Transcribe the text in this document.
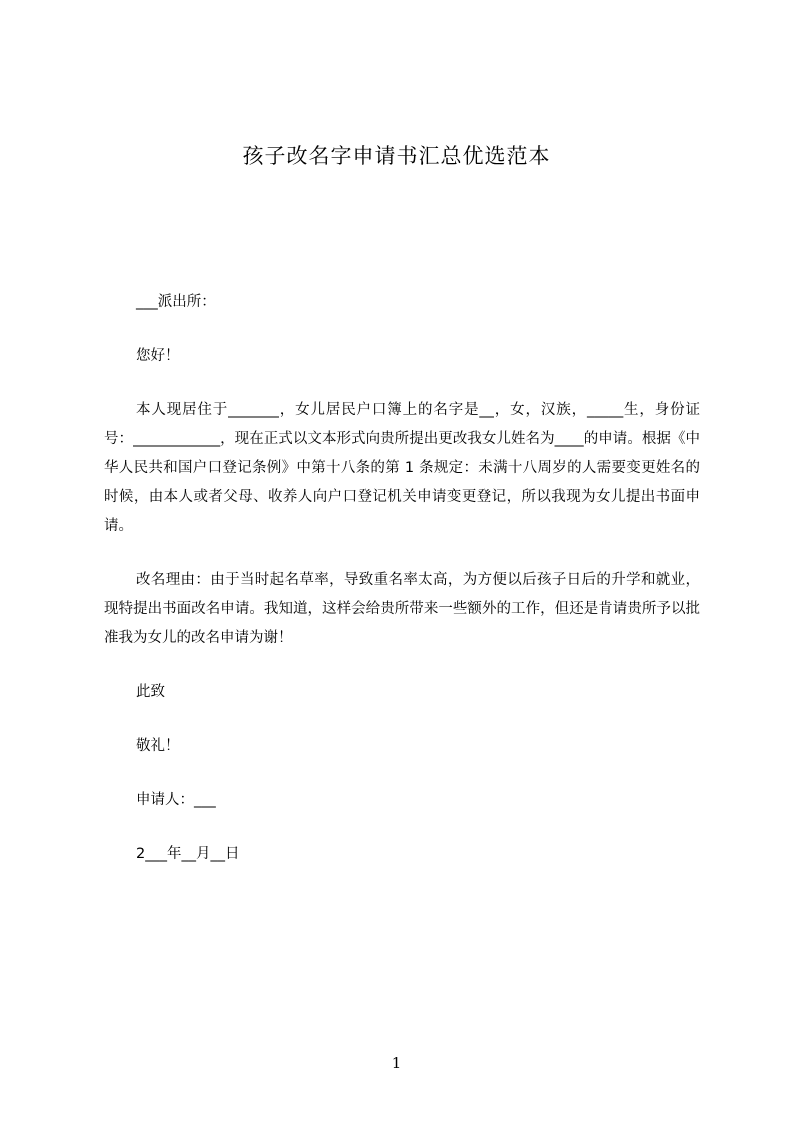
孩子改名字申请书汇总优选范本

___派出所：

您好！

本人现居住于_______，女儿居民户口簿上的名字是__，女，汉族，_____生，身份证号：____________，现在正式以文本形式向贵所提出更改我女儿姓名为____的申请。根据《中华人民共和国户口登记条例》中第十八条的第 1 条规定：未满十八周岁的人需要变更姓名的时候，由本人或者父母、收养人向户口登记机关申请变更登记，所以我现为女儿提出书面申请。

改名理由：由于当时起名草率，导致重名率太高，为方便以后孩子日后的升学和就业，现特提出书面改名申请。我知道，这样会给贵所带来一些额外的工作，但还是肯请贵所予以批准我为女儿的改名申请为谢！

此致

敬礼！

申请人：___

2___年__月__日

1
